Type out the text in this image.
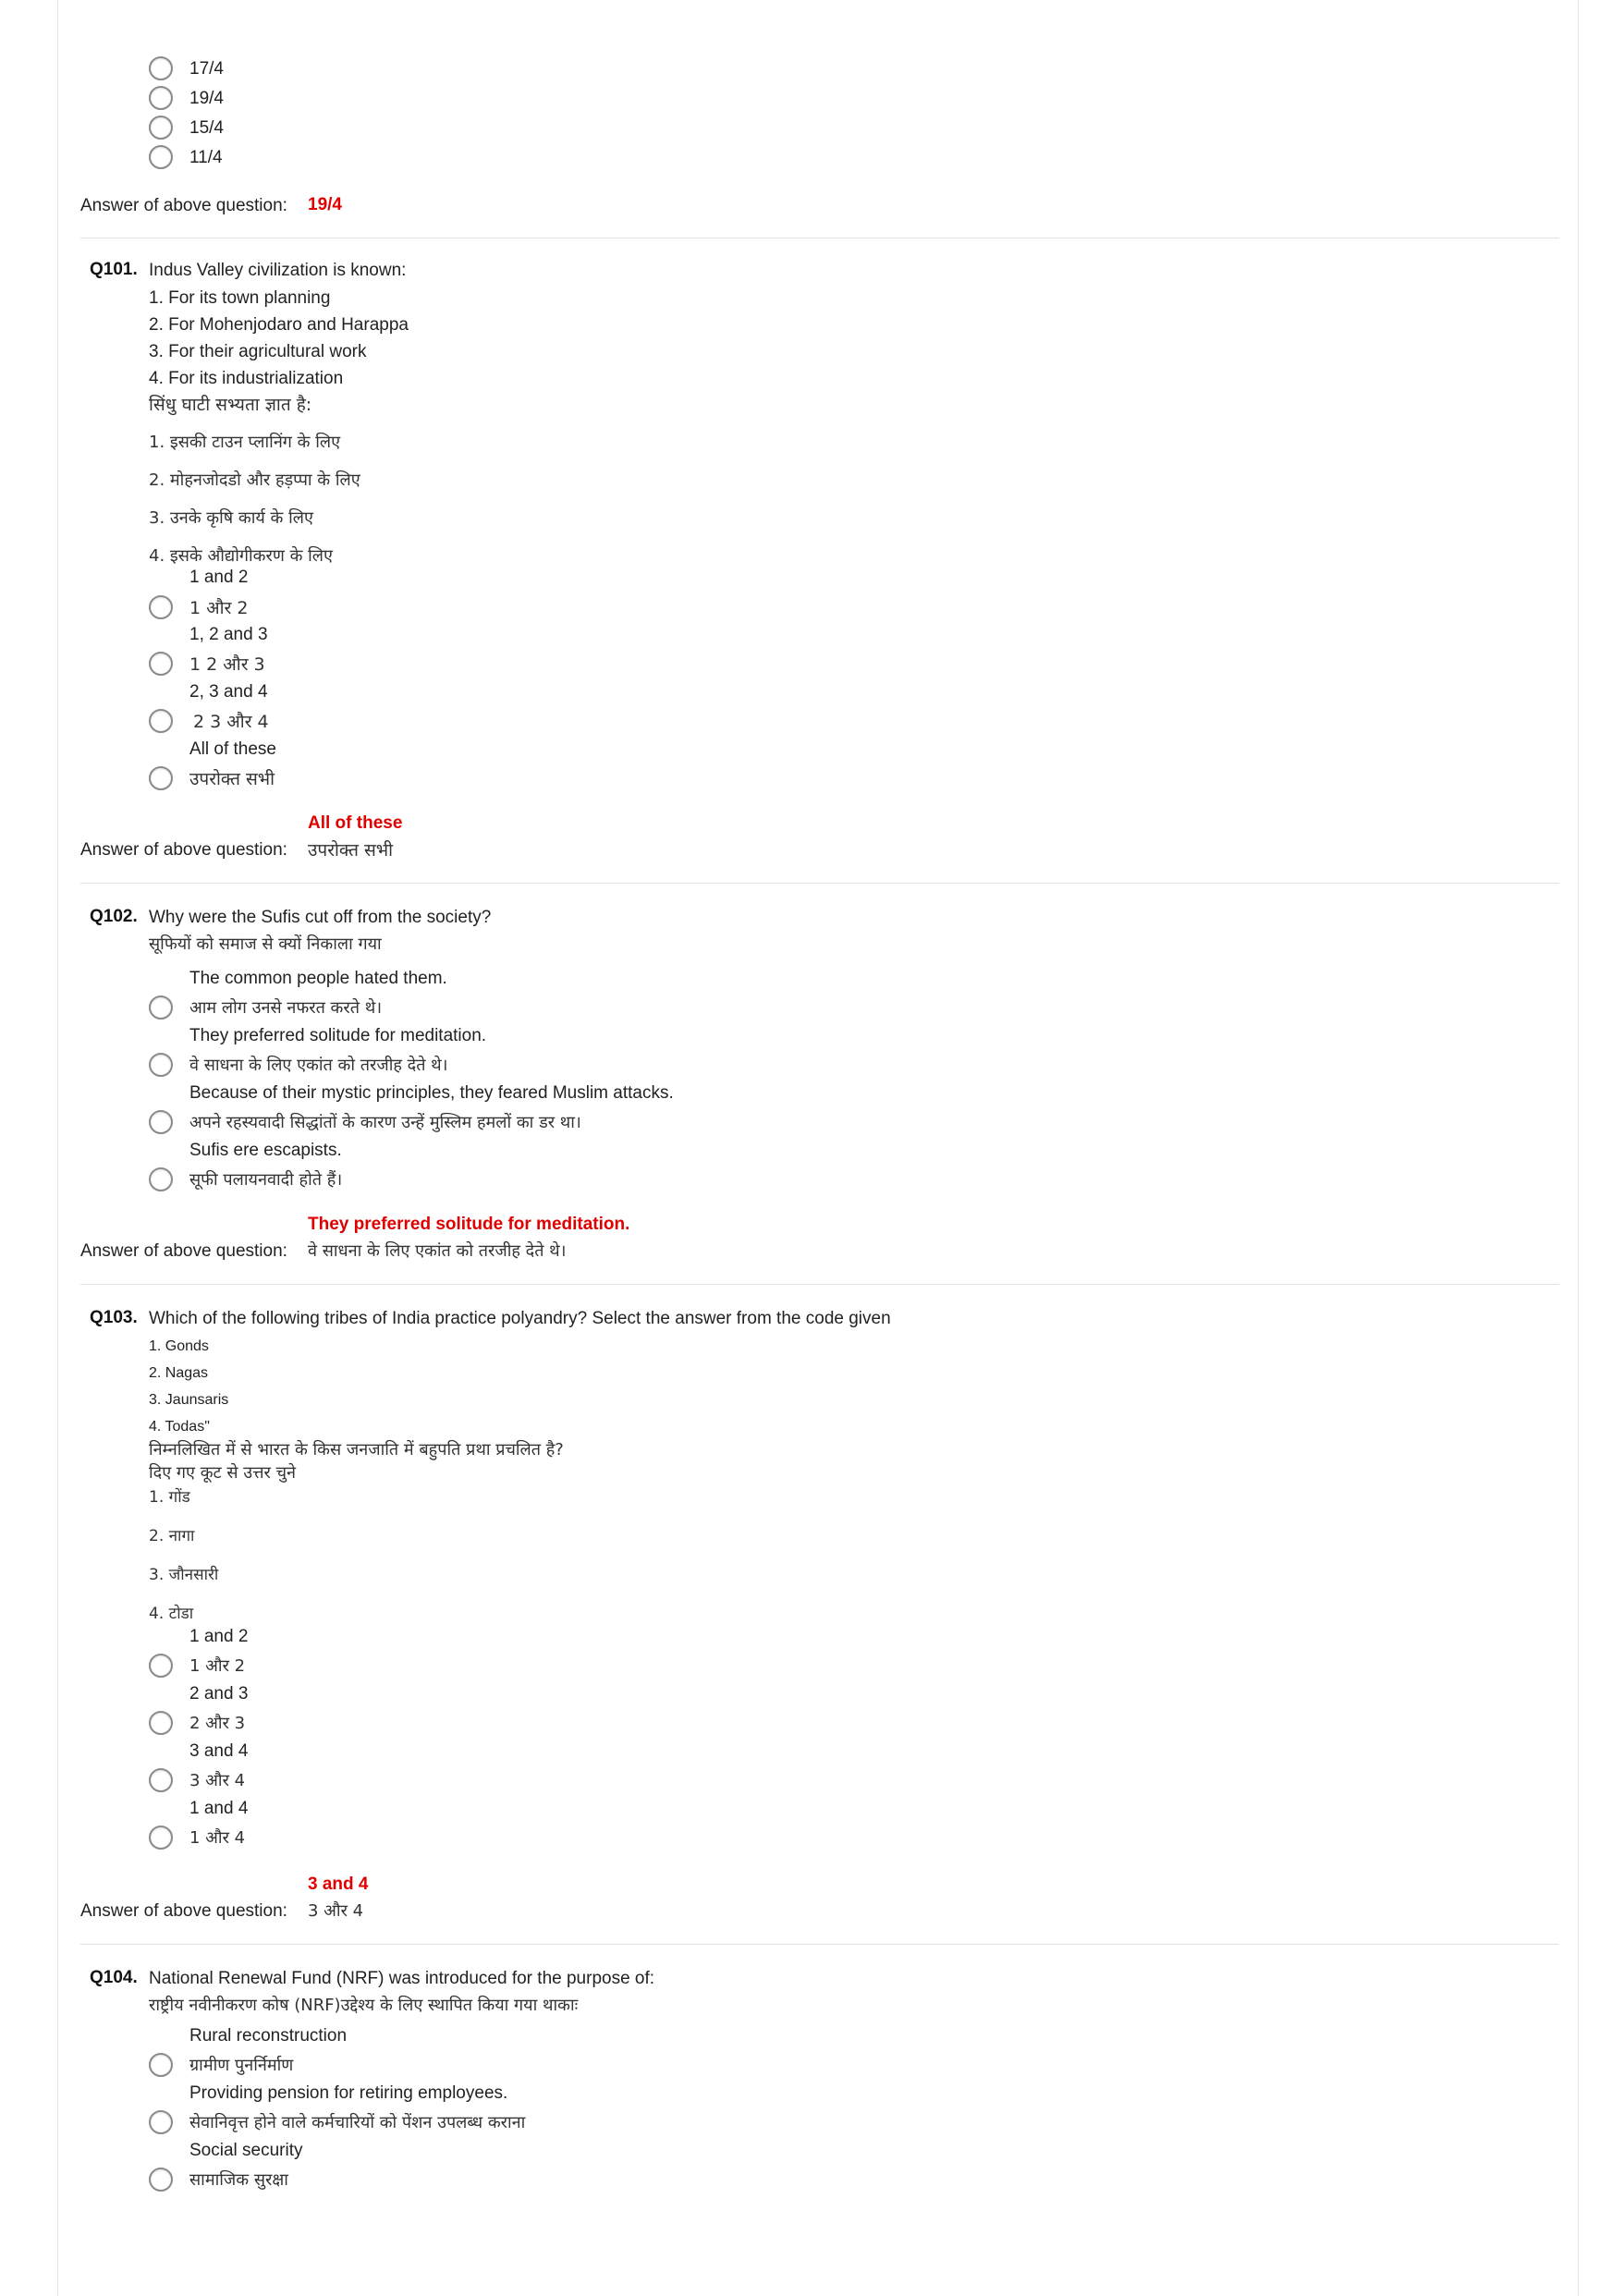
17/4
19/4
15/4
11/4
Answer of above question: 19/4
Q101. Indus Valley civilization is known:
1. For its town planning
2. For Mohenjodaro and Harappa
3. For their agricultural work
4. For its industrialization
सिंधु घाटी सभ्यता ज्ञात है:
1. इसकी टाउन प्लानिंग के लिए
2. मोहनजोदडो और हड़प्पा के लिए
3. उनके कृषि कार्य के लिए
4. इसके औद्योगीकरण के लिए
1 and 2
1 और 2
1, 2 and 3
1 2 और 3
2, 3 and 4
2 3 और 4
All of these
उपरोक्त सभी
All of these
Answer of above question: उपरोक्त सभी
Q102. Why were the Sufis cut off from the society?
सूफियों को समाज से क्यों निकाला गया
The common people hated them.
आम लोग उनसे नफरत करते थे।
They preferred solitude for meditation.
वे साधना के लिए एकांत को तरजीह देते थे।
Because of their mystic principles, they feared Muslim attacks.
अपने रहस्यवादी सिद्धांतों के कारण उन्हें मुस्लिम हमलों का डर था।
Sufis ere escapists.
सूफी पलायनवादी होते हैं।
They preferred solitude for meditation.
Answer of above question: वे साधना के लिए एकांत को तरजीह देते थे।
Q103. Which of the following tribes of India practice polyandry? Select the answer from the code given
1. Gonds
2. Nagas
3. Jaunsaris
4. Todas"
निम्नलिखित में से भारत के किस जनजाति में बहुपति प्रथा प्रचलित है?
दिए गए कूट से उत्तर चुने
1. गोंड
2. नागा
3. जौनसारी
4. टोडा
1 and 2
1 और 2
2 and 3
2 और 3
3 and 4
3 और 4
1 and 4
1 और 4
3 and 4
Answer of above question: 3 और 4
Q104. National Renewal Fund (NRF) was introduced for the purpose of:
राष्ट्रीय नवीनीकरण कोष (NRF)उद्देश्य के लिए स्थापित किया गया थाकाः
Rural reconstruction
ग्रामीण पुनर्निर्माण
Providing pension for retiring employees.
सेवानिवृत्त होने वाले कर्मचारियों को पेंशन उपलब्ध कराना
Social security
सामाजिक सुरक्षा
